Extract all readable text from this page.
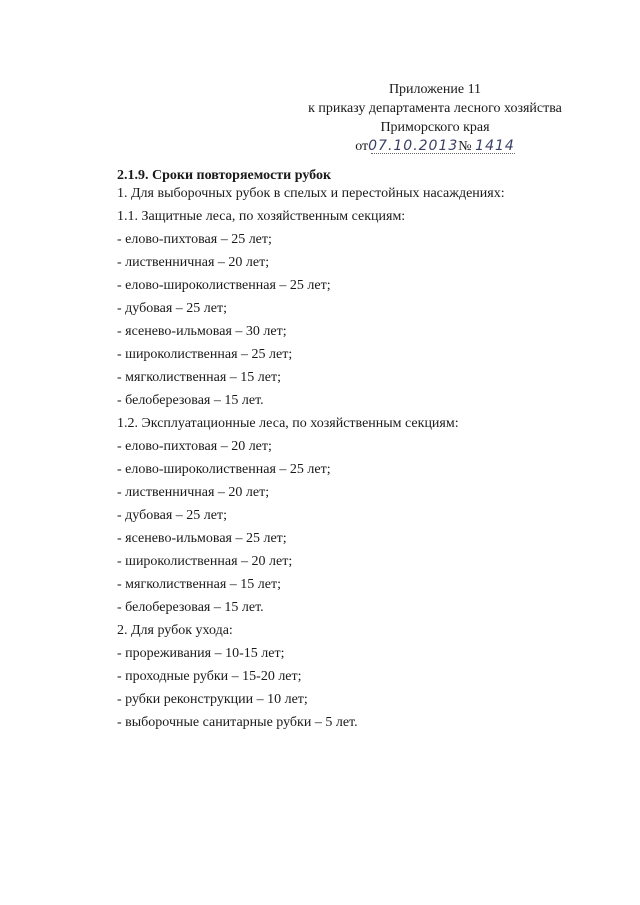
Приложение 11
к приказу департамента лесного хозяйства
Приморского края
от07.10.2013№ 1414
2.1.9. Сроки повторяемости рубок
1. Для выборочных рубок в спелых и перестойных насаждениях:
1.1. Защитные леса, по хозяйственным секциям:
- елово-пихтовая – 25 лет;
- лиственничная – 20 лет;
- елово-широколиственная – 25 лет;
- дубовая – 25 лет;
- ясенево-ильмовая – 30 лет;
- широколиственная – 25 лет;
- мягколиственная – 15 лет;
- белоберезовая – 15 лет.
1.2. Эксплуатационные леса, по хозяйственным секциям:
- елово-пихтовая – 20 лет;
- елово-широколиственная – 25 лет;
- лиственничная – 20 лет;
- дубовая – 25 лет;
- ясеневo-ильмовая – 25 лет;
- широколиственная – 20 лет;
- мягколиственная – 15 лет;
- белоберезовая – 15 лет.
2. Для рубок ухода:
- прореживания – 10-15 лет;
- проходные рубки – 15-20 лет;
- рубки реконструкции – 10 лет;
- выборочные санитарные рубки – 5 лет.
